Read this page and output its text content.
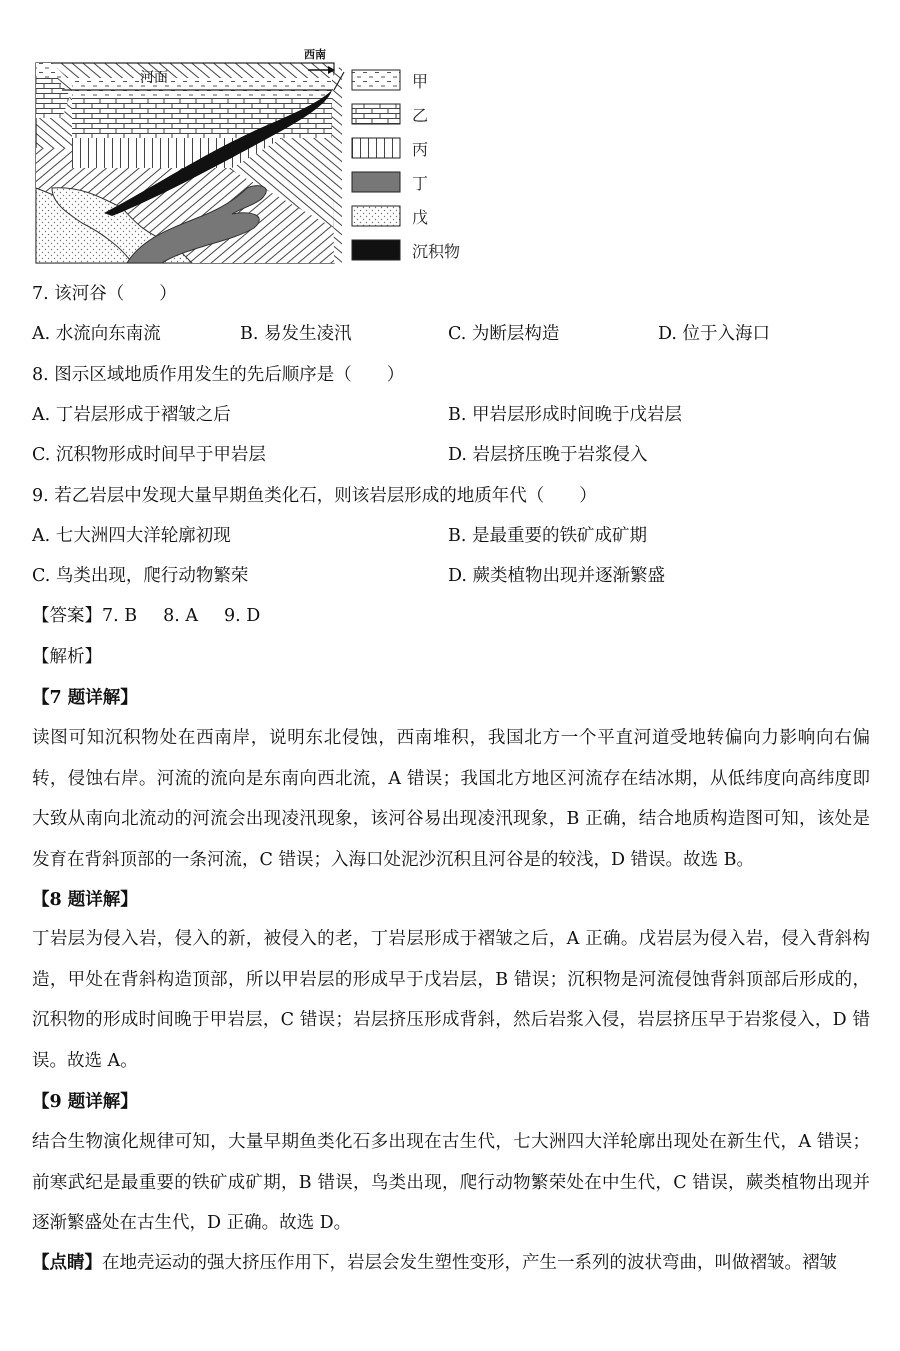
河面
西南
甲
乙
丙
丁
戊
沉积物
7. 该河谷（　　）
A. 水流向东南流	B. 易发生凌汛	C. 为断层构造	D. 位于入海口
8. 图示区域地质作用发生的先后顺序是（　　）
A. 丁岩层形成于褶皱之后	B. 甲岩层形成时间晚于戊岩层
C. 沉积物形成时间早于甲岩层	D. 岩层挤压晚于岩浆侵入
9. 若乙岩层中发现大量早期鱼类化石，则该岩层形成的地质年代（　　）
A. 七大洲四大洋轮廓初现	B. 是最重要的铁矿成矿期
C. 鸟类出现，爬行动物繁荣	D. 蕨类植物出现并逐渐繁盛
【答案】7. B 8. A 9. D
【解析】
【7 题详解】
读图可知沉积物处在西南岸，说明东北侵蚀，西南堆积，我国北方一个平直河道受地转偏向力影响向右偏转，侵蚀右岸。河流的流向是东南向西北流，A 错误；我国北方地区河流存在结冰期，从低纬度向高纬度即大致从南向北流动的河流会出现凌汛现象，该河谷易出现凌汛现象，B 正确，结合地质构造图可知，该处是发育在背斜顶部的一条河流，C 错误；入海口处泥沙沉积且河谷是的较浅，D 错误。故选 B。
【8 题详解】
丁岩层为侵入岩，侵入的新，被侵入的老，丁岩层形成于褶皱之后，A 正确。戊岩层为侵入岩，侵入背斜构造，甲处在背斜构造顶部，所以甲岩层的形成早于戊岩层，B 错误；沉积物是河流侵蚀背斜顶部后形成的，沉积物的形成时间晚于甲岩层，C 错误；岩层挤压形成背斜，然后岩浆入侵，岩层挤压早于岩浆侵入，D 错误。故选 A。
【9 题详解】
结合生物演化规律可知，大量早期鱼类化石多出现在古生代，七大洲四大洋轮廓出现处在新生代，A 错误；前寒武纪是最重要的铁矿成矿期，B 错误，鸟类出现，爬行动物繁荣处在中生代，C 错误，蕨类植物出现并逐渐繁盛处在古生代，D 正确。故选 D。
【点睛】在地壳运动的强大挤压作用下，岩层会发生塑性变形，产生一系列的波状弯曲，叫做褶皱。褶皱
